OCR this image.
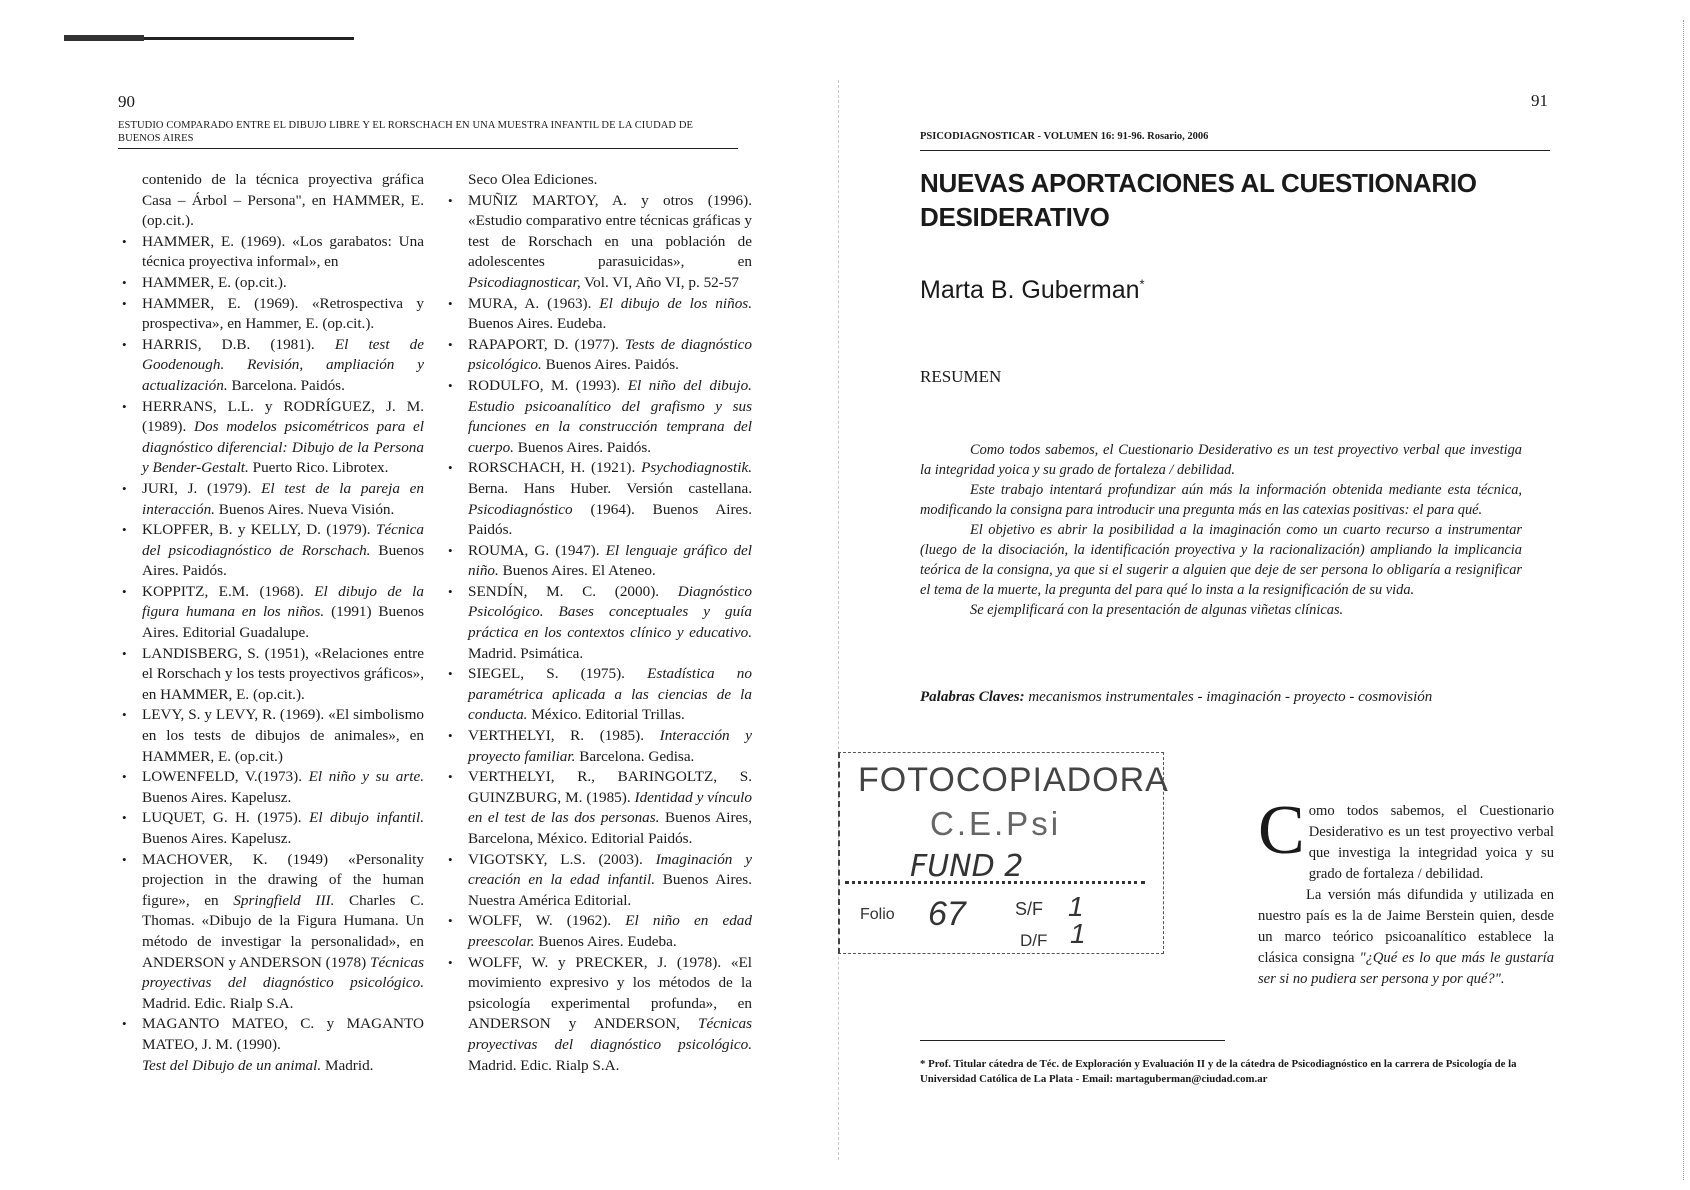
90
ESTUDIO COMPARADO ENTRE EL DIBUJO LIBRE Y EL RORSCHACH EN UNA MUESTRA INFANTIL DE LA CIUDAD DE BUENOS AIRES
contenido de la técnica proyectiva gráfica Casa – Árbol – Persona", en HAMMER, E. (op.cit.).
• HAMMER, E. (1969). «Los garabatos: Una técnica proyectiva informal», en
• HAMMER, E. (op.cit.).
• HAMMER, E. (1969). «Retrospectiva y prospectiva», en Hammer, E. (op.cit.).
• HARRIS, D.B. (1981). El test de Goodenough. Revisión, ampliación y actualización. Barcelona. Paidós.
• HERRANS, L.L. y RODRÍGUEZ, J. M. (1989). Dos modelos psicométricos para el diagnóstico diferencial: Dibujo de la Persona y Bender-Gestalt. Puerto Rico. Librotex.
• JURI, J. (1979). El test de la pareja en interacción. Buenos Aires. Nueva Visión.
• KLOPFER, B. y KELLY, D. (1979). Técnica del psicodiagnóstico de Rorschach. Buenos Aires. Paidós.
• KOPPITZ, E.M. (1968). El dibujo de la figura humana en los niños. (1991) Buenos Aires. Editorial Guadalupe.
• LANDISBERG, S. (1951), «Relaciones entre el Rorschach y los tests proyectivos gráficos», en HAMMER, E. (op.cit.).
• LEVY, S. y LEVY, R. (1969). «El simbolismo en los tests de dibujos de animales», en HAMMER, E. (op.cit.)
• LOWENFELD, V.(1973). El niño y su arte. Buenos Aires. Kapelusz.
• LUQUET, G. H. (1975). El dibujo infantil. Buenos Aires. Kapelusz.
• MACHOVER, K. (1949) «Personality projection in the drawing of the human figure», en Springfield III. Charles C. Thomas. «Dibujo de la Figura Humana. Un método de investigar la personalidad», en ANDERSON y ANDERSON (1978) Técnicas proyectivas del diagnóstico psicológico. Madrid. Edic. Rialp S.A.
• MAGANTO MATEO, C. y MAGANTO MATEO, J. M. (1990).
Test del Dibujo de un animal. Madrid.
Seco Olea Ediciones.
• MUÑIZ MARTOY, A. y otros (1996). «Estudio comparativo entre técnicas gráficas y test de Rorschach en una población de adolescentes parasuicidas», en Psicodiagnosticar, Vol. VI, Año VI, p. 52-57
• MURA, A. (1963). El dibujo de los niños. Buenos Aires. Eudeba.
• RAPAPORT, D. (1977). Tests de diagnóstico psicológico. Buenos Aires. Paidós.
• RODULFO, M. (1993). El niño del dibujo. Estudio psicoanalítico del grafismo y sus funciones en la construcción temprana del cuerpo. Buenos Aires. Paidós.
• RORSCHACH, H. (1921). Psychodiagnostik. Berna. Hans Huber. Versión castellana. Psicodiagnóstico (1964). Buenos Aires. Paidós.
• ROUMA, G. (1947). El lenguaje gráfico del niño. Buenos Aires. El Ateneo.
• SENDÍN, M. C. (2000). Diagnóstico Psicológico. Bases conceptuales y guía práctica en los contextos clínico y educativo. Madrid. Psimática.
• SIEGEL, S. (1975). Estadística no paramétrica aplicada a las ciencias de la conducta. México. Editorial Trillas.
• VERTHELYI, R. (1985). Interacción y proyecto familiar. Barcelona. Gedisa.
• VERTHELYI, R., BARINGOLTZ, S. GUINZBURG, M. (1985). Identidad y vínculo en el test de las dos personas. Buenos Aires, Barcelona, México. Editorial Paidós.
• VIGOTSKY, L.S. (2003). Imaginación y creación en la edad infantil. Buenos Aires. Nuestra América Editorial.
• WOLFF, W. (1962). El niño en edad preescolar. Buenos Aires. Eudeba.
• WOLFF, W. y PRECKER, J. (1978). «El movimiento expresivo y los métodos de la psicología experimental profunda», en ANDERSON y ANDERSON, Técnicas proyectivas del diagnóstico psicológico. Madrid. Edic. Rialp S.A.
91
PSICODIAGNOSTICAR - VOLUMEN 16: 91-96. Rosario, 2006
NUEVAS APORTACIONES AL CUESTIONARIO DESIDERATIVO
Marta B. Guberman*
RESUMEN

Como todos sabemos, el Cuestionario Desiderativo es un test proyectivo verbal que investiga la integridad yoica y su grado de fortaleza / debilidad.

Este trabajo intentará profundizar aún más la información obtenida mediante esta técnica, modificando la consigna para introducir una pregunta más en las catexias positivas: el para qué.

El objetivo es abrir la posibilidad a la imaginación como un cuarto recurso a instrumentar (luego de la disociación, la identificación proyectiva y la racionalización) ampliando la implicancia teórica de la consigna, ya que si el sugerir a alguien que deje de ser persona lo obligaría a resignificar el tema de la muerte, la pregunta del para qué lo insta a la resignificación de su vida.

Se ejemplificará con la presentación de algunas viñetas clínicas.

Palabras Claves: mecanismos instrumentales - imaginación - proyecto - cosmovisión
FOTOCOPIADORA
C.E.Psi
FUND 2
Folio 67	S/F 1
D/F 1
Como todos sabemos, el Cuestionario Desiderativo es un test proyectivo verbal que investiga la integridad yoica y su grado de fortaleza / debilidad.
La versión más difundida y utilizada en nuestro país es la de Jaime Berstein quien, desde un marco teórico psicoanalítico establece la clásica consigna "¿Qué es lo que más le gustaría ser si no pudiera ser persona y por qué?".
* Prof. Titular cátedra de Téc. de Exploración y Evaluación II y de la cátedra de Psicodiagnóstico en la carrera de Psicología de la Universidad Católica de La Plata - Email: martaguberman@ciudad.com.ar
